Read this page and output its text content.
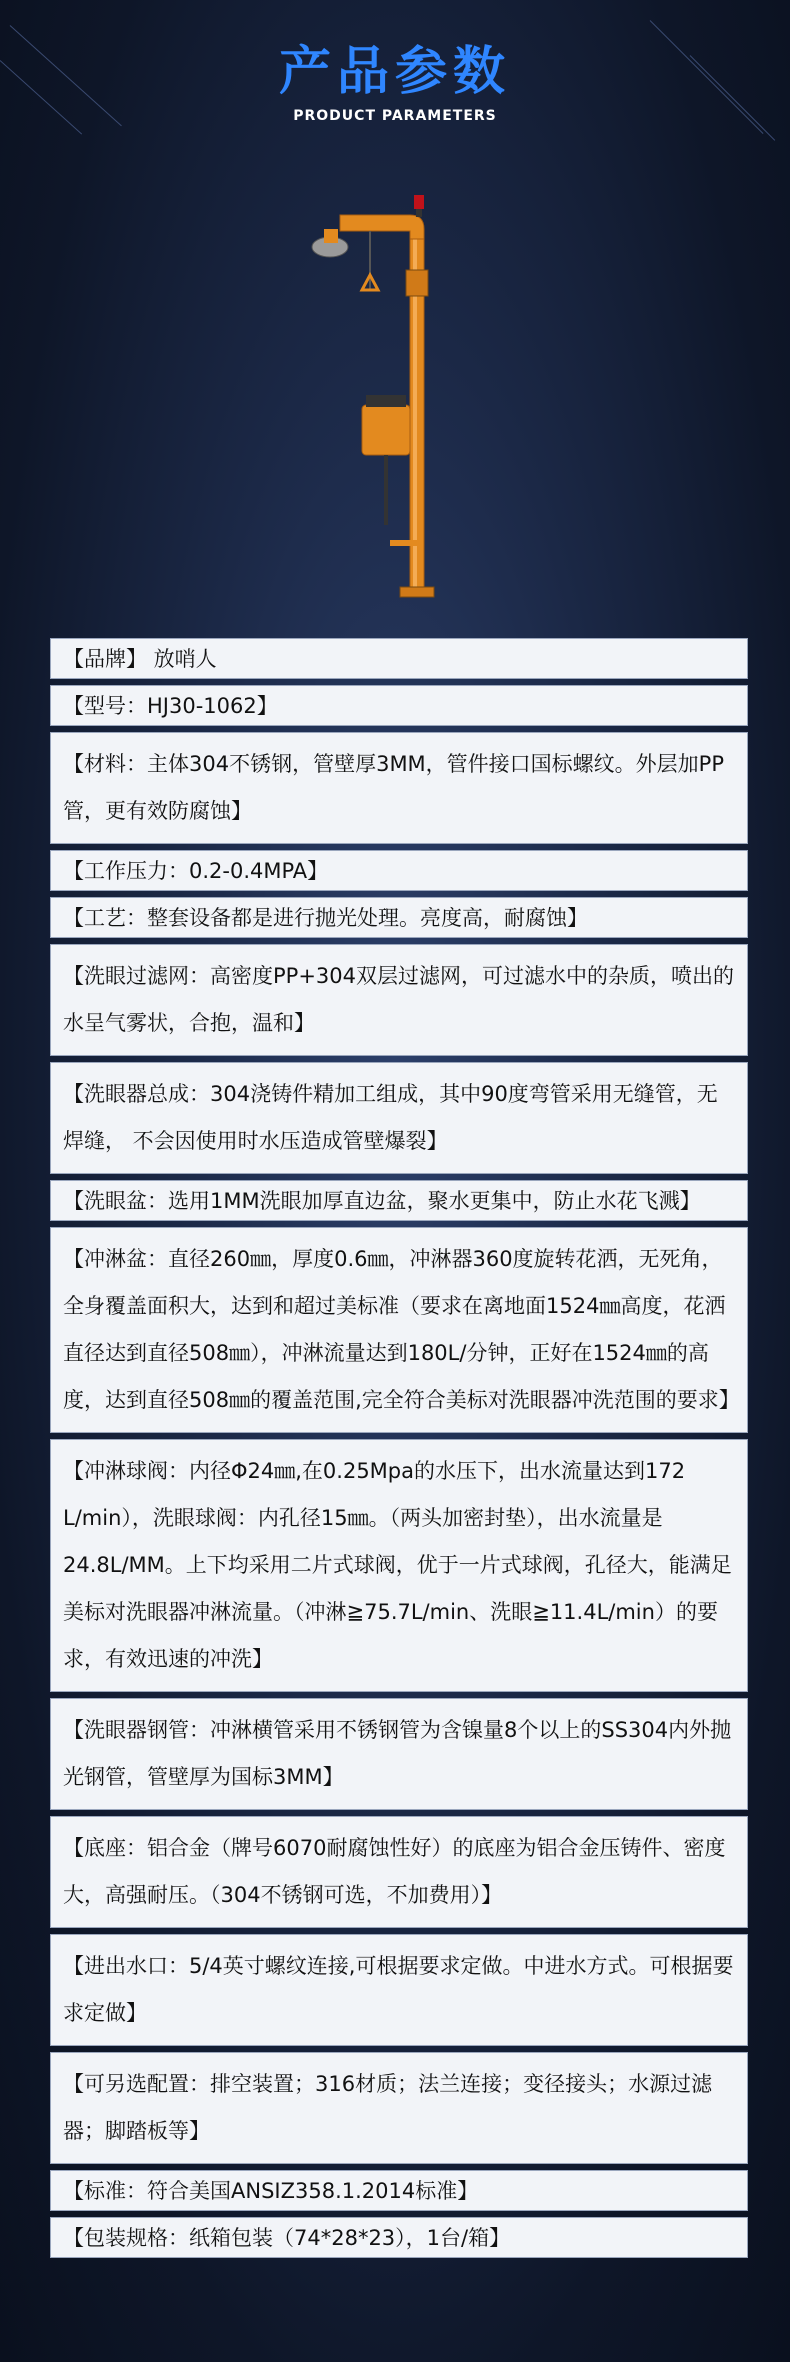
产品参数
PRODUCT PARAMETERS
【品牌】 放哨人
【型号：HJ30-1062】
【材料：主体304不锈钢，管壁厚3MM，管件接口国标螺纹。外层加PP管，更有效防腐蚀】
【工作压力：0.2-0.4MPA】
【工艺：整套设备都是进行抛光处理。亮度高，耐腐蚀】
【洗眼过滤网：高密度PP+304双层过滤网，可过滤水中的杂质，喷出的水呈气雾状，合抱，温和】
【洗眼器总成：304浇铸件精加工组成，其中90度弯管采用无缝管，无焊缝， 不会因使用时水压造成管壁爆裂】
【洗眼盆：选用1MM洗眼加厚直边盆，聚水更集中，防止水花飞溅】
【冲淋盆：直径260㎜，厚度0.6㎜，冲淋器360度旋转花洒，无死角，全身覆盖面积大，达到和超过美标准（要求在离地面1524㎜高度，花洒直径达到直径508㎜），冲淋流量达到180L/分钟，正好在1524㎜的高度，达到直径508㎜的覆盖范围,完全符合美标对洗眼器冲洗范围的要求】
【冲淋球阀：内径Φ24㎜,在0.25Mpa的水压下，出水流量达到172 L/min），洗眼球阀：内孔径15㎜。（两头加密封垫），出水流量是24.8L/MM。上下均采用二片式球阀，优于一片式球阀，孔径大，能满足美标对洗眼器冲淋流量。（冲淋≧75.7L/min、洗眼≧11.4L/min）的要求，有效迅速的冲洗】
【洗眼器钢管：冲淋横管采用不锈钢管为含镍量8个以上的SS304内外抛光钢管，管壁厚为国标3MM】
【底座：铝合金（牌号6070耐腐蚀性好）的底座为铝合金压铸件、密度大，高强耐压。（304不锈钢可选，不加费用）】
【进出水口：5/4英寸螺纹连接,可根据要求定做。中进水方式。可根据要求定做】
【可另选配置：排空装置；316材质；法兰连接；变径接头；水源过滤器；脚踏板等】
【标准：符合美国ANSIZ358.1.2014标准】
【包装规格：纸箱包装（74*28*23），1台/箱】
